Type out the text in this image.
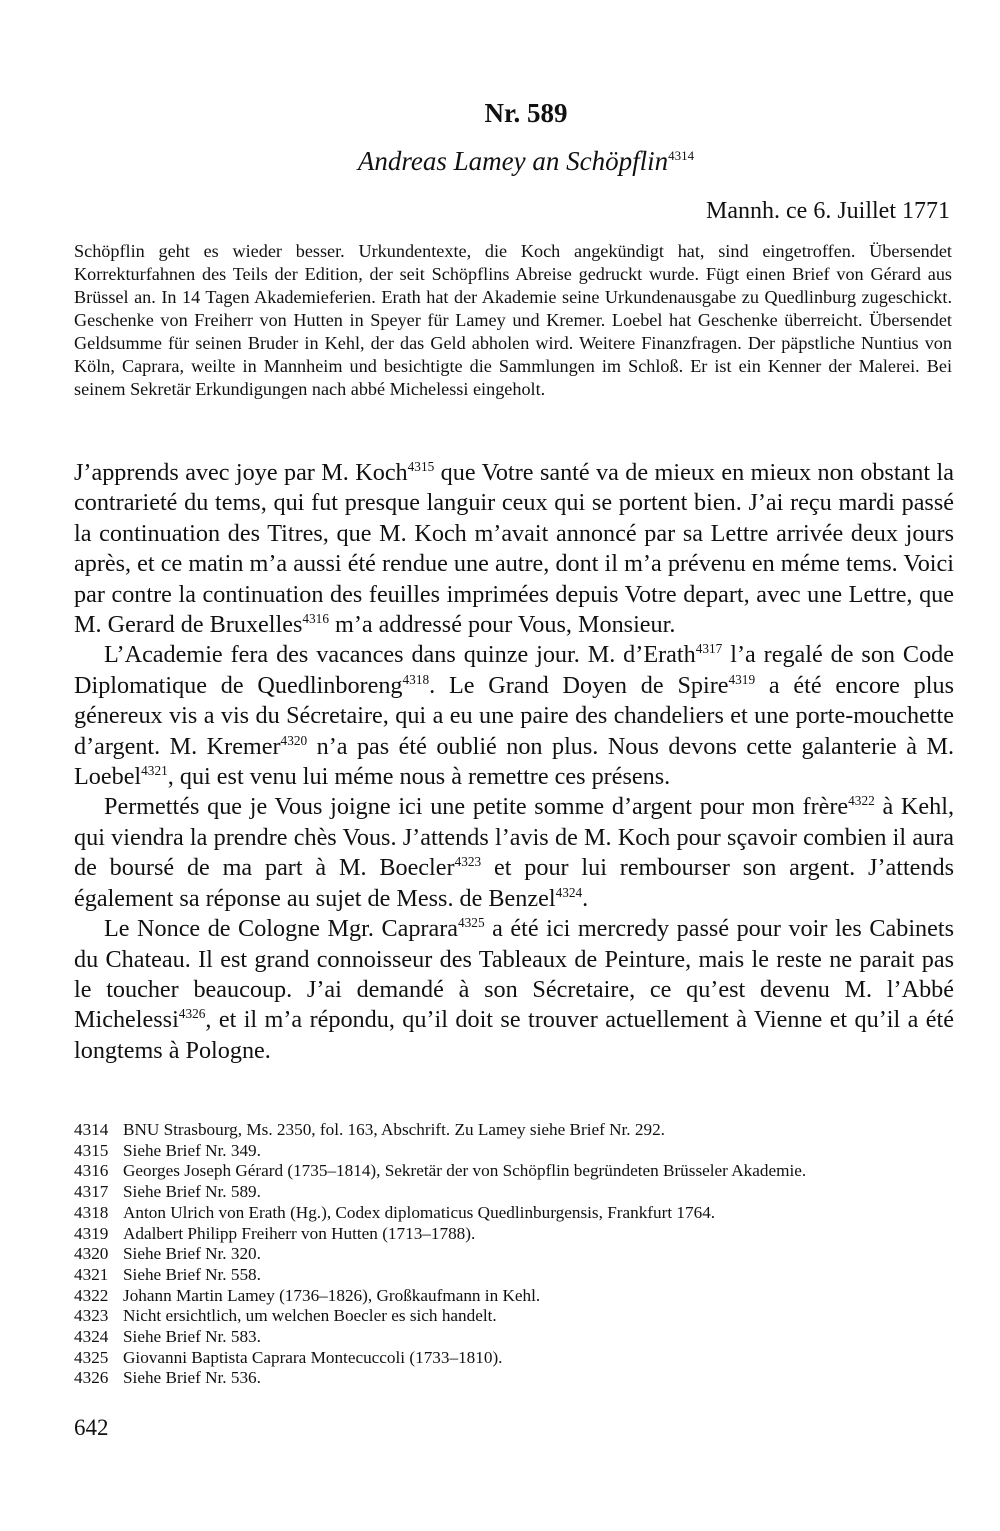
Nr. 589
Andreas Lamey an Schöpflin$^{4314}$
Mannh. ce 6. Juillet 1771
Schöpflin geht es wieder besser. Urkundentexte, die Koch angekündigt hat, sind eingetroffen. Übersendet Korrekturfahnen des Teils der Edition, der seit Schöpflins Abreise gedruckt wurde. Fügt einen Brief von Gérard aus Brüssel an. In 14 Tagen Akademieferien. Erath hat der Akademie seine Urkundenausgabe zu Quedlinburg zugeschickt. Geschenke von Freiherr von Hutten in Speyer für Lamey und Kremer. Loebel hat Geschenke überreicht. Übersendet Geldsumme für seinen Bruder in Kehl, der das Geld abholen wird. Weitere Finanzfragen. Der päpstliche Nuntius von Köln, Caprara, weilte in Mannheim und besichtigte die Sammlungen im Schloß. Er ist ein Kenner der Malerei. Bei seinem Sekretär Erkundigungen nach abbé Michelessi eingeholt.

J’apprends avec joye par M. Koch$^{4315}$ que Votre santé va de mieux en mieux non obstant la contrarieté du tems, qui fut presque languir ceux qui se portent bien. J’ai reçu mardi passé la continuation des Titres, que M. Koch m’avait annoncé par sa Lettre arrivée deux jours après, et ce matin m’a aussi été rendue une autre, dont il m’a prévenu en méme tems. Voici par contre la continuation des feuilles imprimées depuis Votre depart, avec une Lettre, que M. Gerard de Bruxelles$^{4316}$ m’a addressé pour Vous, Monsieur.

L’Academie fera des vacances dans quinze jour. M. d’Erath$^{4317}$ l’a regalé de son Code Diplomatique de Quedlinboreng$^{4318}$. Le Grand Doyen de Spire$^{4319}$ a été encore plus génereux vis a vis du Sécretaire, qui a eu une paire des chandeliers et une porte-mouchette d’argent. M. Kremer$^{4320}$ n’a pas été oublié non plus. Nous devons cette galanterie à M. Loebel$^{4321}$, qui est venu lui méme nous à remettre ces présens.

Permettés que je Vous joigne ici une petite somme d’argent pour mon frère$^{4322}$ à Kehl, qui viendra la prendre chès Vous. J’attends l’avis de M. Koch pour sçavoir combien il aura de boursé de ma part à M. Boecler$^{4323}$ et pour lui rembourser son argent. J’attends également sa réponse au sujet de Mess. de Benzel$^{4324}$.

Le Nonce de Cologne Mgr. Caprara$^{4325}$ a été ici mercredy passé pour voir les Cabinets du Chateau. Il est grand connoisseur des Tableaux de Peinture, mais le reste ne parait pas le toucher beaucoup. J’ai demandé à son Sécretaire, ce qu’est devenu M. l’Abbé Michelessi$^{4326}$, et il m’a répondu, qu’il doit se trouver actuellement à Vienne et qu’il a été longtems à Pologne.

4314 BNU Strasbourg, Ms. 2350, fol. 163, Abschrift. Zu Lamey siehe Brief Nr. 292.
4315 Siehe Brief Nr. 349.
4316 Georges Joseph Gérard (1735–1814), Sekretär der von Schöpflin begründeten Brüsseler Akademie.
4317 Siehe Brief Nr. 589.
4318 Anton Ulrich von Erath (Hg.), Codex diplomaticus Quedlinburgensis, Frankfurt 1764.
4319 Adalbert Philipp Freiherr von Hutten (1713–1788).
4320 Siehe Brief Nr. 320.
4321 Siehe Brief Nr. 558.
4322 Johann Martin Lamey (1736–1826), Großkaufmann in Kehl.
4323 Nicht ersichtlich, um welchen Boecler es sich handelt.
4324 Siehe Brief Nr. 583.
4325 Giovanni Baptista Caprara Montecuccoli (1733–1810).
4326 Siehe Brief Nr. 536.
642
